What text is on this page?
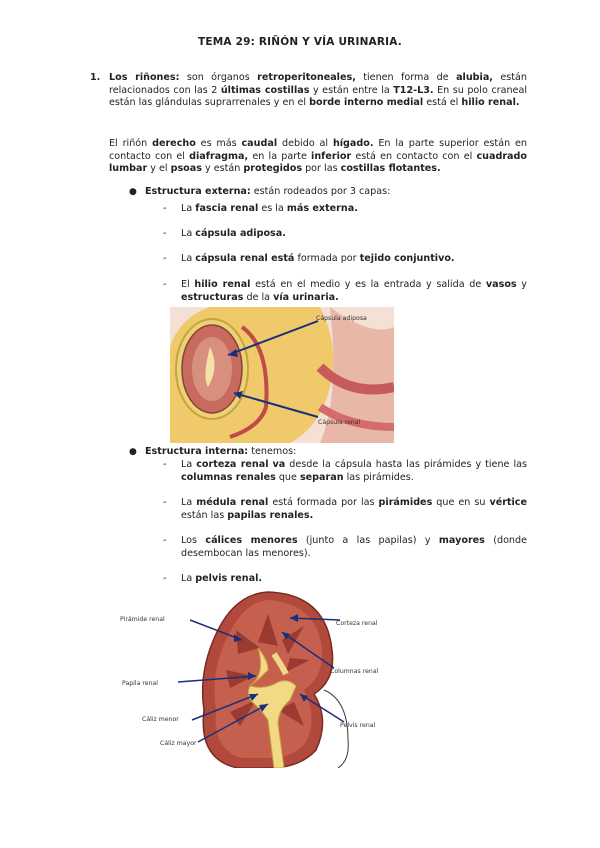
TEMA 29: RIÑÓN Y VÍA URINARIA.
1. Los riñones: son órganos retroperitoneales, tienen forma de alubia, están relacionados con las 2 últimas costillas y están entre la T12-L3. En su polo craneal están las glándulas suprarrenales y en el borde interno medial está el hilio renal.
El riñón derecho es más caudal debido al hígado. En la parte superior están en contacto con el diafragma, en la parte inferior está en contacto con el cuadrado lumbar y el psoas y están protegidos por las costillas flotantes.
● Estructura externa: están rodeados por 3 capas:
- La fascia renal es la más externa.
- La cápsula adiposa.
- La cápsula renal está formada por tejido conjuntivo.
- El hilio renal está en el medio y es la entrada y salida de vasos y estructuras de la vía urinaria.
Cápsula adiposa
Cápsula renal
● Estructura interna: tenemos:
- La corteza renal va desde la cápsula hasta las pirámides y tiene las columnas renales que separan las pirámides.
- La médula renal está formada por las pirámides que en su vértice están las papilas renales.
- Los cálices menores (junto a las papilas) y mayores (donde desembocan las menores).
- La pelvis renal.
Pirámide renal
Corteza renal
Columnas renal
Papila renal
Cáliz menor
Cáliz mayor
Pelvis renal
